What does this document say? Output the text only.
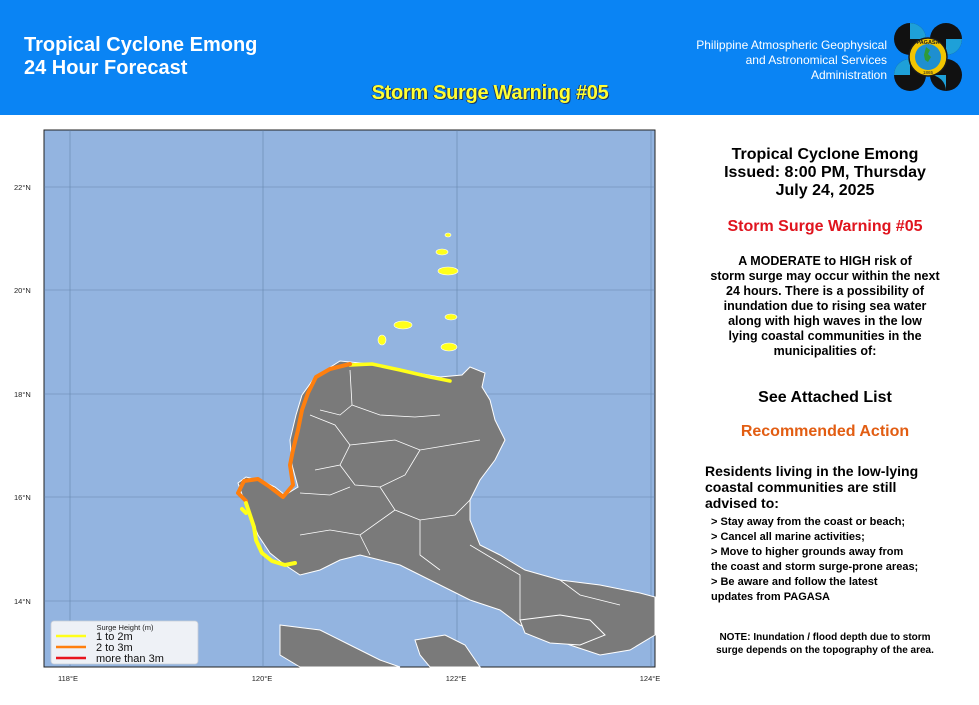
Tropical Cyclone Emong
24 Hour Forecast
Storm Surge Warning #05
Philippine Atmospheric Geophysical
and Astronomical Services
Administration
PAGASA
1865
22°N
20°N
18°N
16°N
14°N
118°E	120°E	122°E	124°E
Surge Height (m)
1 to 2m
2 to 3m
more than 3m
Tropical Cyclone Emong
Issued: 8:00 PM, Thursday
July 24, 2025
Storm Surge Warning #05
A MODERATE to HIGH risk of
storm surge may occur within the next
24 hours. There is a possibility of
inundation due to rising sea water
along with high waves in the low
lying coastal communities in the
municipalities of:
See Attached List
Recommended Action
Residents living in the low-lying
coastal communities are still
advised to:
> Stay away from the coast or beach;
> Cancel all marine activities;
> Move to higher grounds away from
the coast and storm surge-prone areas;
> Be aware and follow the latest
updates from PAGASA
NOTE: Inundation / flood depth due to storm
surge depends on the topography of the area.
